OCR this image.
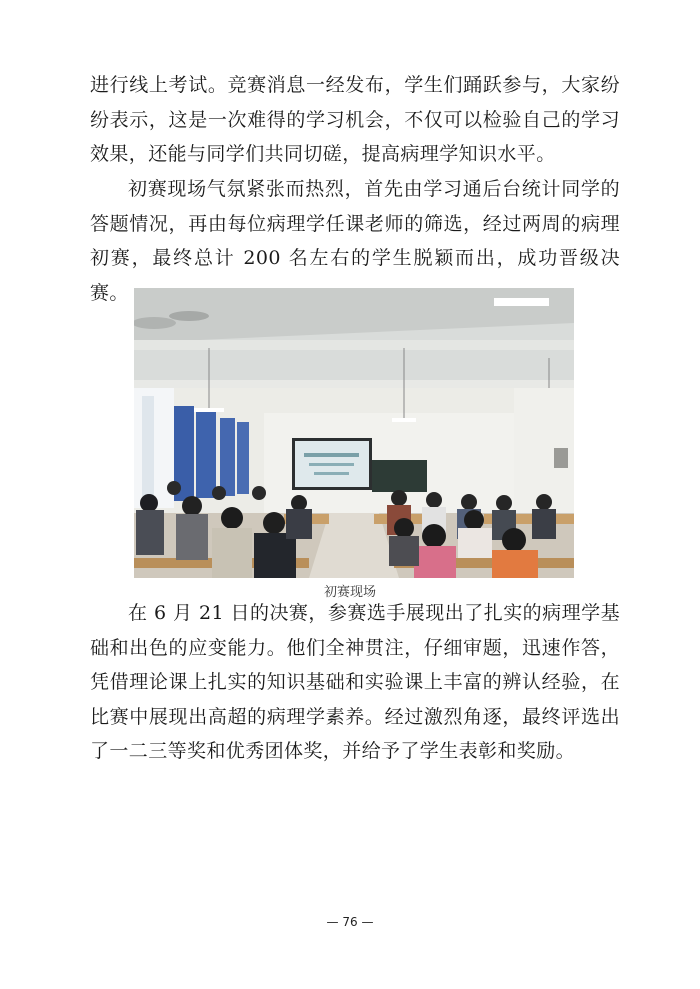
进行线上考试。竞赛消息一经发布，学生们踊跃参与，大家纷纷表示，这是一次难得的学习机会，不仅可以检验自己的学习效果，还能与同学们共同切磋，提高病理学知识水平。

初赛现场气氛紧张而热烈，首先由学习通后台统计同学的答题情况，再由每位病理学任课老师的筛选，经过两周的病理初赛，最终总计 200 名左右的学生脱颖而出，成功晋级决赛。

初赛现场

在 6 月 21 日的决赛，参赛选手展现出了扎实的病理学基础和出色的应变能力。他们全神贯注，仔细审题，迅速作答，凭借理论课上扎实的知识基础和实验课上丰富的辨认经验，在比赛中展现出高超的病理学素养。经过激烈角逐，最终评选出了一二三等奖和优秀团体奖，并给予了学生表彰和奖励。

— 76 —
